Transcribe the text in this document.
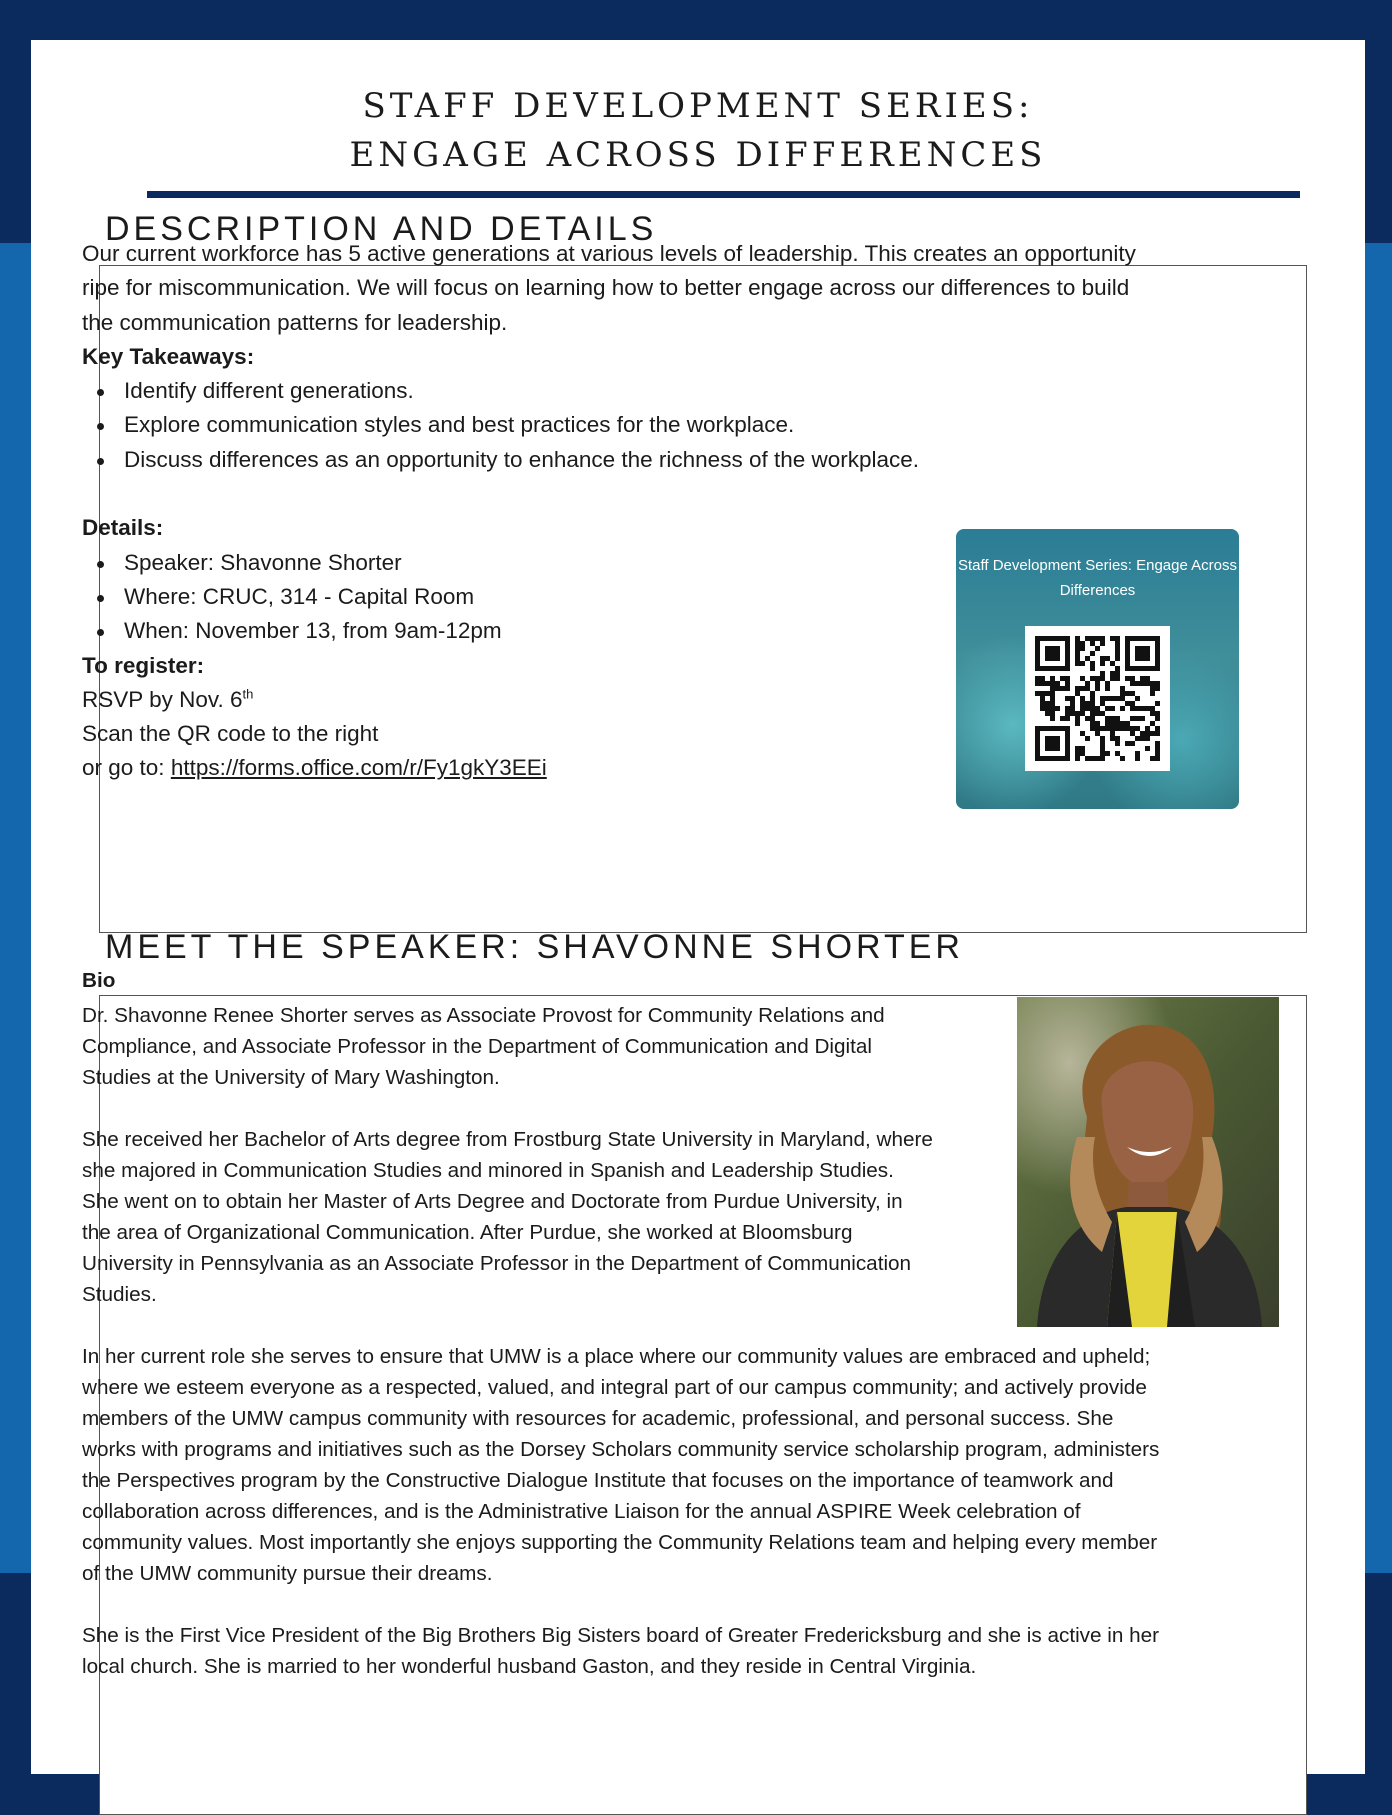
STAFF DEVELOPMENT SERIES:
ENGAGE ACROSS DIFFERENCES
DESCRIPTION AND DETAILS
MEET THE SPEAKER: SHAVONNE SHORTER

Our current workforce has 5 active generations at various levels of leadership. This creates an opportunity

ripe for miscommunication. We will focus on learning how to better engage across our differences to build

the communication patterns for leadership.

Key Takeaways:

Identify different generations.
Explore communication styles and best practices for the workplace.
Discuss differences as an opportunity to enhance the richness of the workplace.

Details:

Speaker: Shavonne Shorter
Where: CRUC, 314 - Capital Room
When: November 13, from 9am-12pm

To register:

RSVP by Nov. 6th

Scan the QR code to the right

or go to: https://forms.office.com/r/Fy1gkY3EEi

Staff Development Series: Engage Across Differences

Bio

Dr. Shavonne Renee Shorter serves as Associate Provost for Community Relations and

Compliance, and Associate Professor in the Department of Communication and Digital

Studies at the University of Mary Washington.

She received her Bachelor of Arts degree from Frostburg State University in Maryland, where

she majored in Communication Studies and minored in Spanish and Leadership Studies.

She went on to obtain her Master of Arts Degree and Doctorate from Purdue University, in

the area of Organizational Communication. After Purdue, she worked at Bloomsburg

University in Pennsylvania as an Associate Professor in the Department of Communication

Studies.

In her current role she serves to ensure that UMW is a place where our community values are embraced and upheld;

where we esteem everyone as a respected, valued, and integral part of our campus community; and actively provide

members of the UMW campus community with resources for academic, professional, and personal success. She

works with programs and initiatives such as the Dorsey Scholars community service scholarship program, administers

the Perspectives program by the Constructive Dialogue Institute that focuses on the importance of teamwork and

collaboration across differences, and is the Administrative Liaison for the annual ASPIRE Week celebration of

community values. Most importantly she enjoys supporting the Community Relations team and helping every member

of the UMW community pursue their dreams.

She is the First Vice President of the Big Brothers Big Sisters board of Greater Fredericksburg and she is active in her

local church. She is married to her wonderful husband Gaston, and they reside in Central Virginia.
